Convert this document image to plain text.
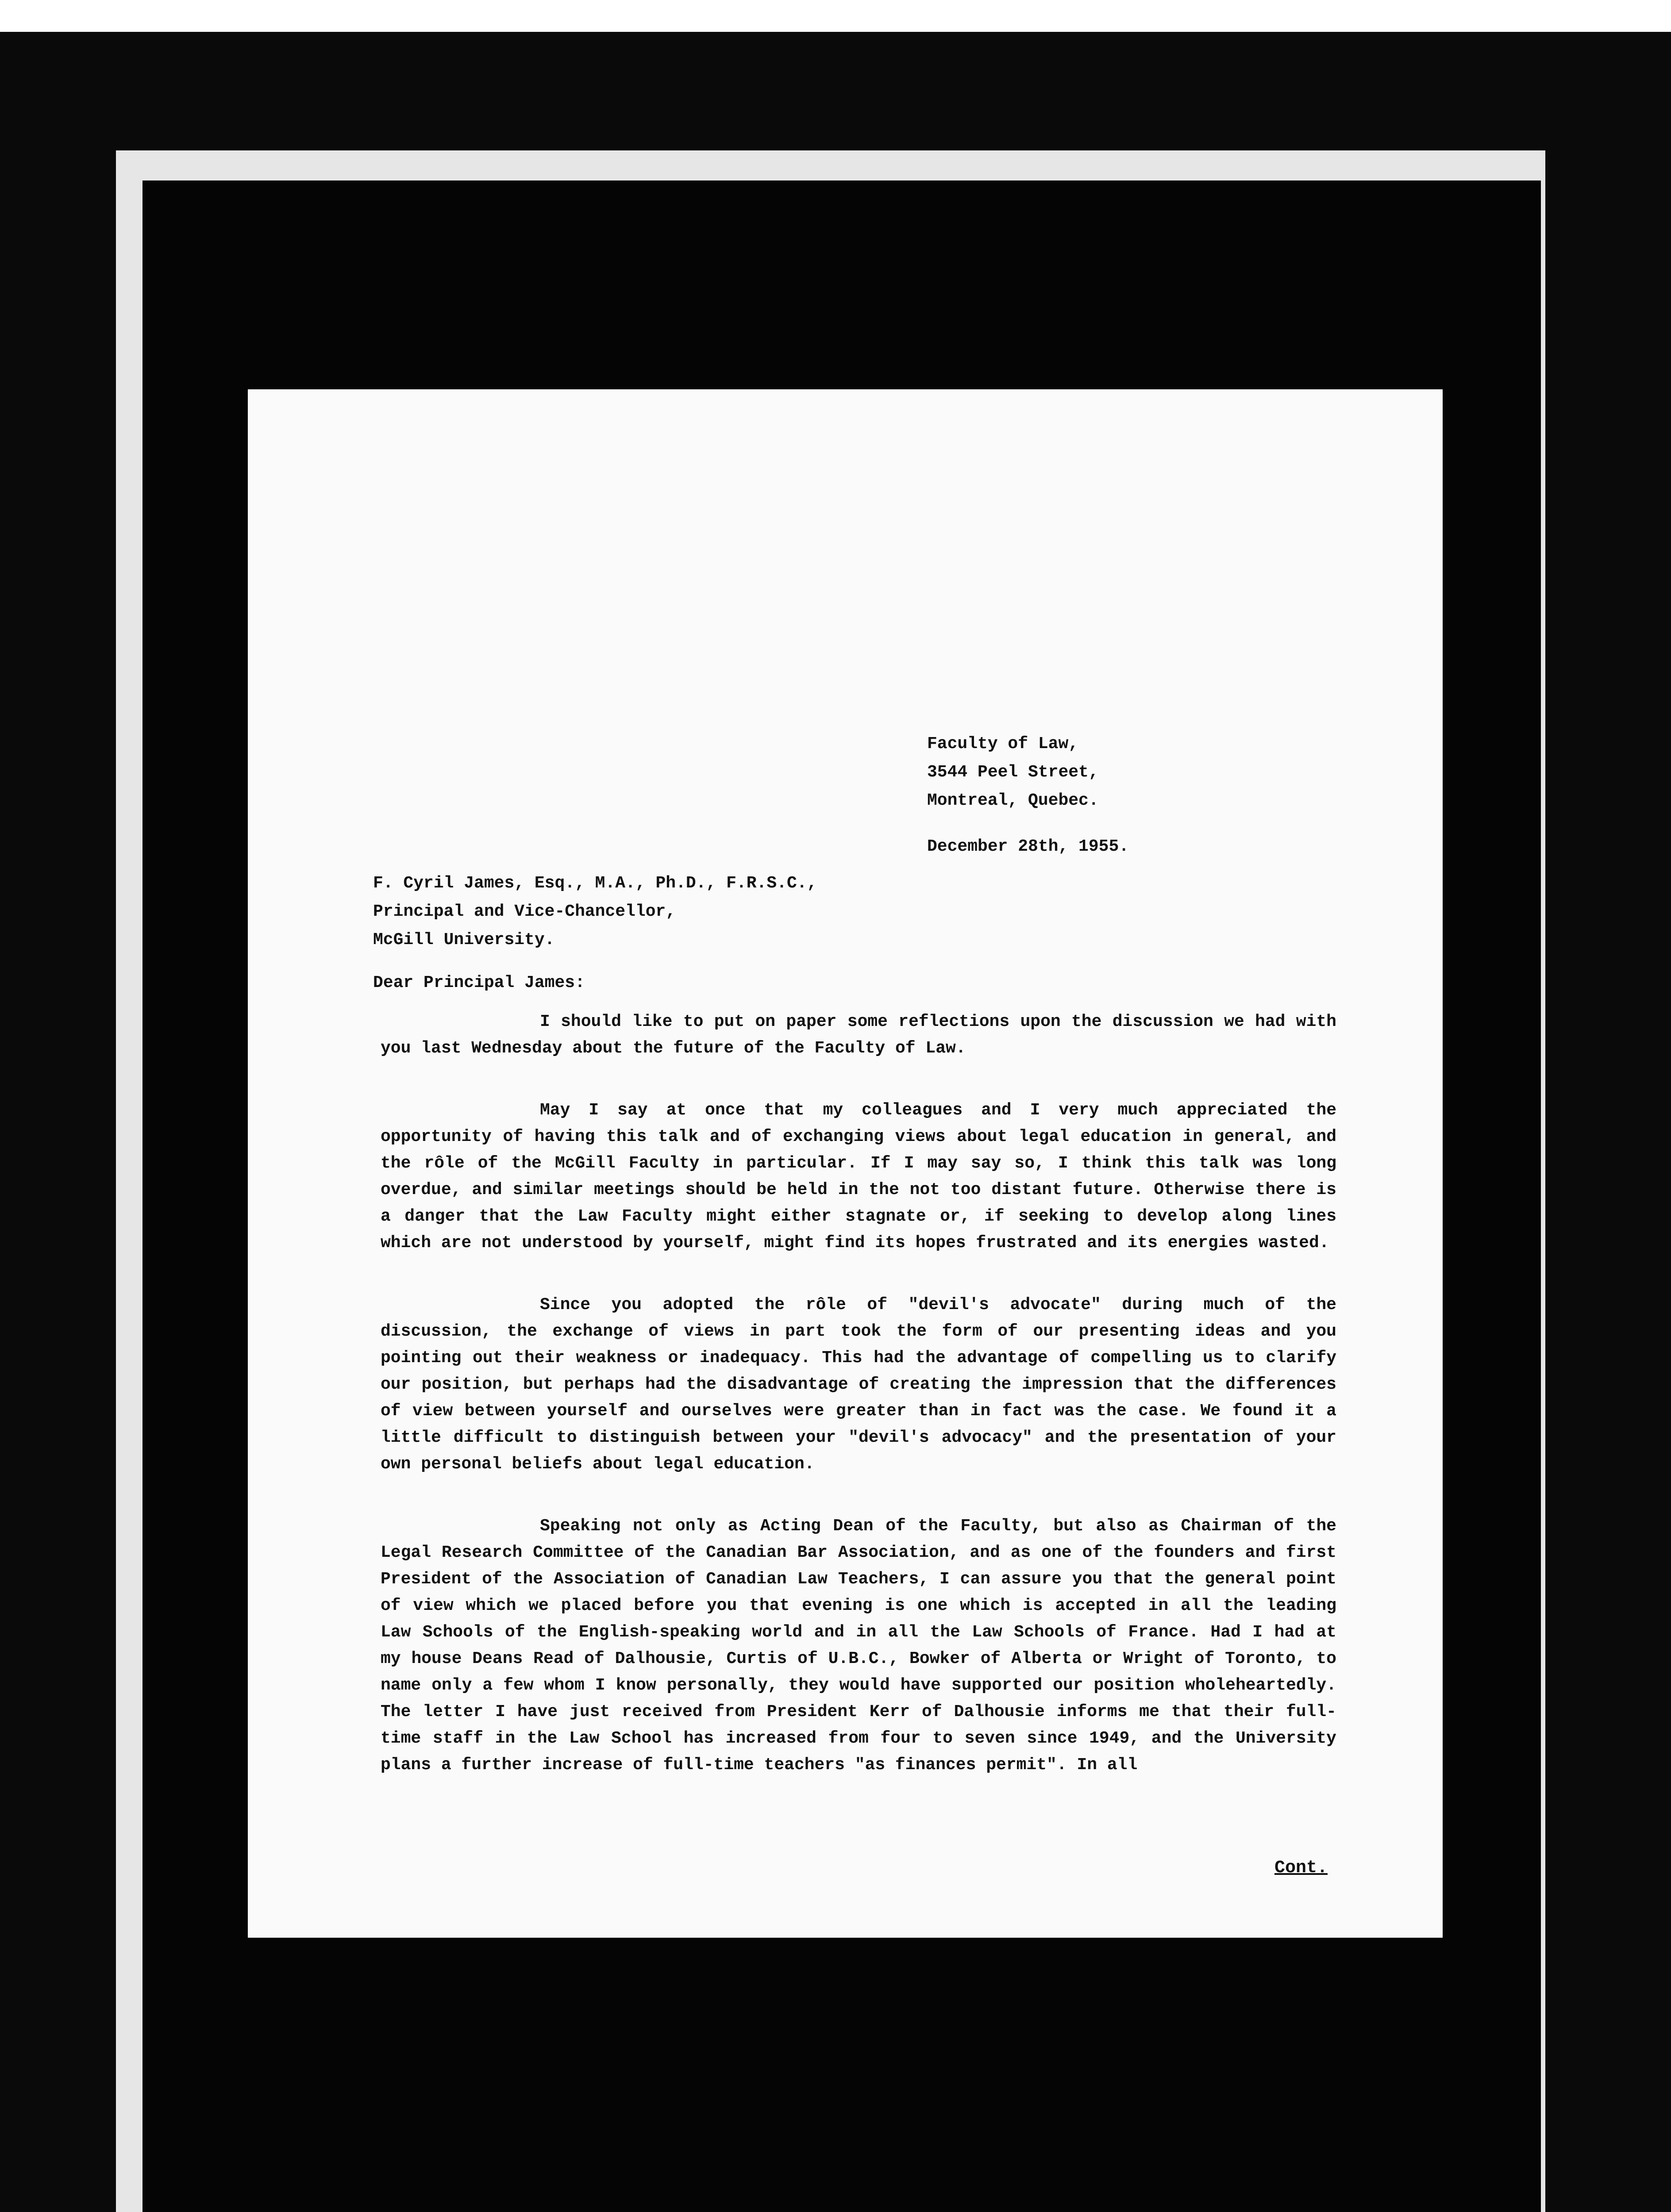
Faculty of Law,
3544 Peel Street,
Montreal, Quebec.

December 28th, 1955.
F. Cyril James, Esq., M.A., Ph.D., F.R.S.C.,
Principal and Vice-Chancellor,
McGill University.
Dear Principal James:

I should like to put on paper some reflections upon the discussion we had with you last Wednesday about the future of the Faculty of Law.

May I say at once that my colleagues and I very much appreciated the opportunity of having this talk and of exchanging views about legal education in general, and the rôle of the McGill Faculty in particular. If I may say so, I think this talk was long overdue, and similar meetings should be held in the not too distant future. Otherwise there is a danger that the Law Faculty might either stagnate or, if seeking to develop along lines which are not understood by yourself, might find its hopes frustrated and its energies wasted.

Since you adopted the rôle of "devil's advocate" during much of the discussion, the exchange of views in part took the form of our presenting ideas and you pointing out their weakness or inadequacy. This had the advantage of compelling us to clarify our position, but perhaps had the disadvantage of creating the impression that the differences of view between yourself and ourselves were greater than in fact was the case. We found it a little difficult to distinguish between your "devil's advocacy" and the presentation of your own personal beliefs about legal education.

Speaking not only as Acting Dean of the Faculty, but also as Chairman of the Legal Research Committee of the Canadian Bar Association, and as one of the founders and first President of the Association of Canadian Law Teachers, I can assure you that the general point of view which we placed before you that evening is one which is accepted in all the leading Law Schools of the English-speaking world and in all the Law Schools of France. Had I had at my house Deans Read of Dalhousie, Curtis of U.B.C., Bowker of Alberta or Wright of Toronto, to name only a few whom I know personally, they would have supported our position wholeheartedly. The letter I have just received from President Kerr of Dalhousie informs me that their full-time staff in the Law School has increased from four to seven since 1949, and the University plans a further increase of full-time teachers "as finances permit". In all

Cont.
